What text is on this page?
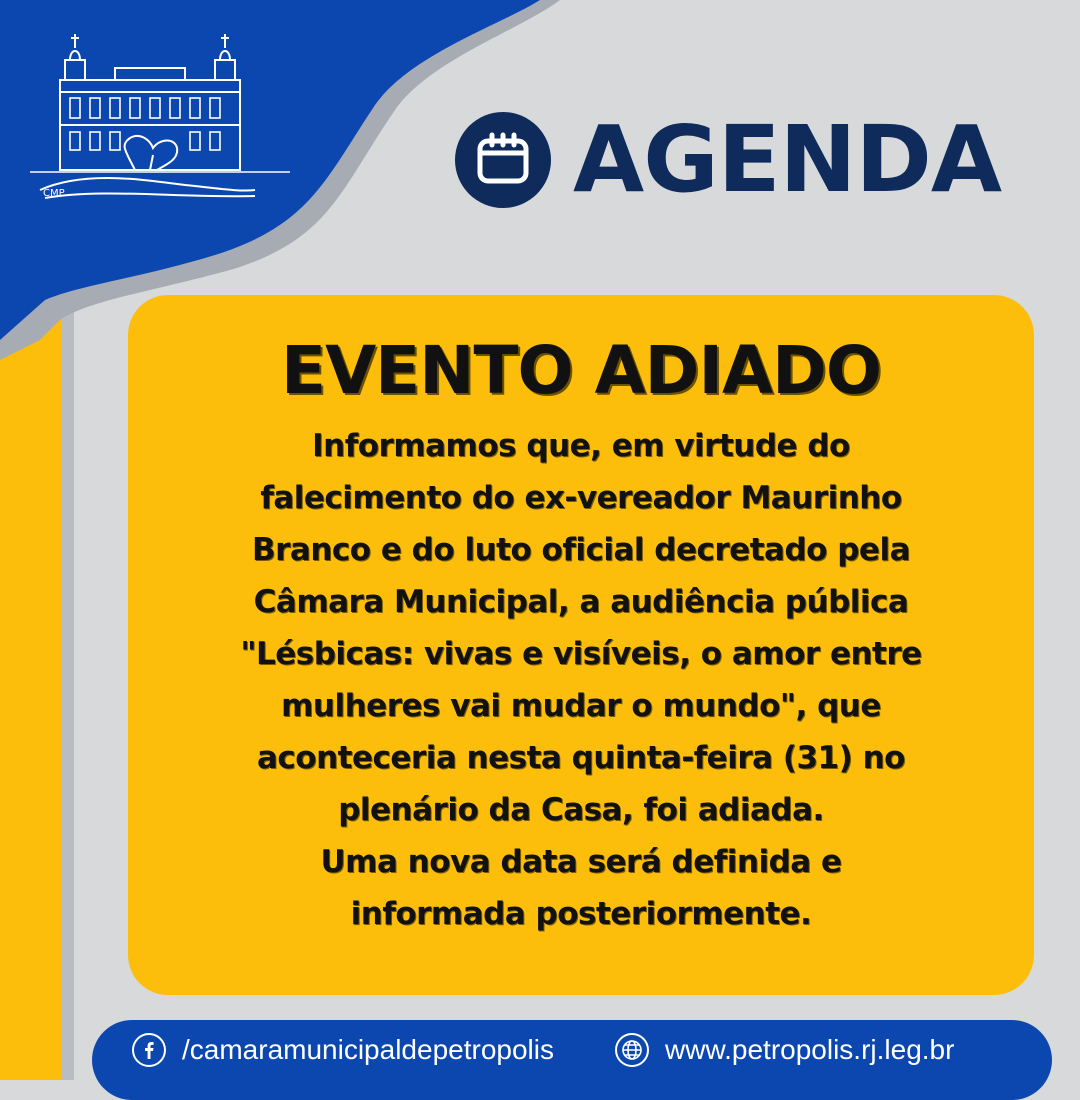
CMP	AGENDA
EVENTO ADIADO
Informamos que, em virtude do
falecimento do ex-vereador Maurinho
Branco e do luto oficial decretado pela
Câmara Municipal, a audiência pública
"Lésbicas: vivas e visíveis, o amor entre
mulheres vai mudar o mundo", que
aconteceria nesta quinta-feira (31) no
plenário da Casa, foi adiada.
Uma nova data será definida e
informada posteriormente.
/camaramunicipaldepetropolis	www.petropolis.rj.leg.br
